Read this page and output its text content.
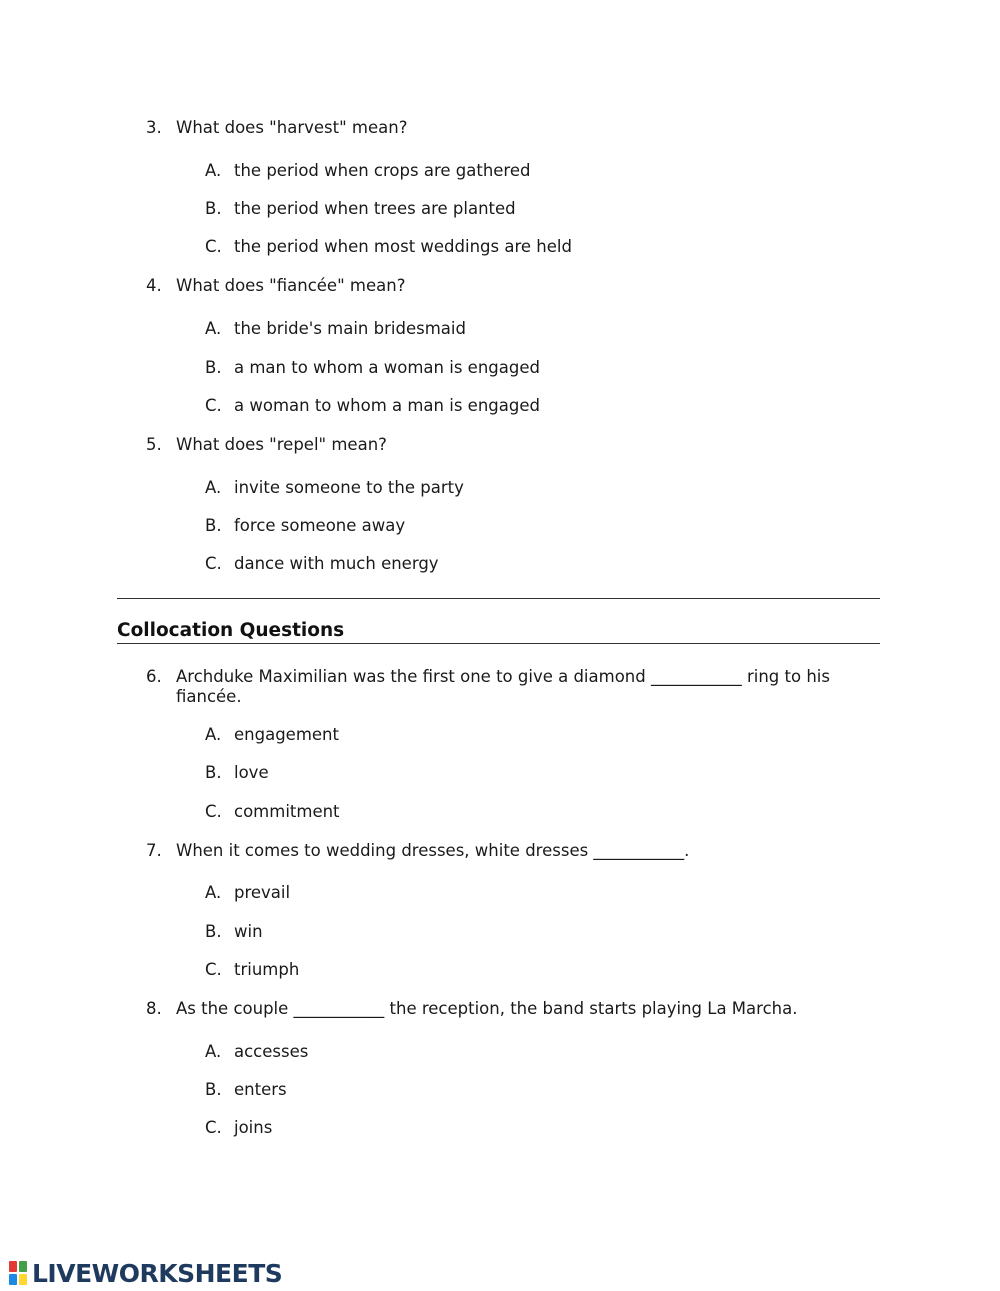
3. What does "harvest" mean?
A. the period when crops are gathered
B. the period when trees are planted
C. the period when most weddings are held
4. What does "fiancée" mean?
A. the bride's main bridesmaid
B. a man to whom a woman is engaged
C. a woman to whom a man is engaged
5. What does "repel" mean?
A. invite someone to the party
B. force someone away
C. dance with much energy
Collocation Questions
6. Archduke Maximilian was the first one to give a diamond ___________ ring to his
fiancée.
A. engagement
B. love
C. commitment
7. When it comes to wedding dresses, white dresses ___________.
A. prevail
B. win
C. triumph
8. As the couple ___________ the reception, the band starts playing La Marcha.
A. accesses
B. enters
C. joins
LIVEWORKSHEETS
